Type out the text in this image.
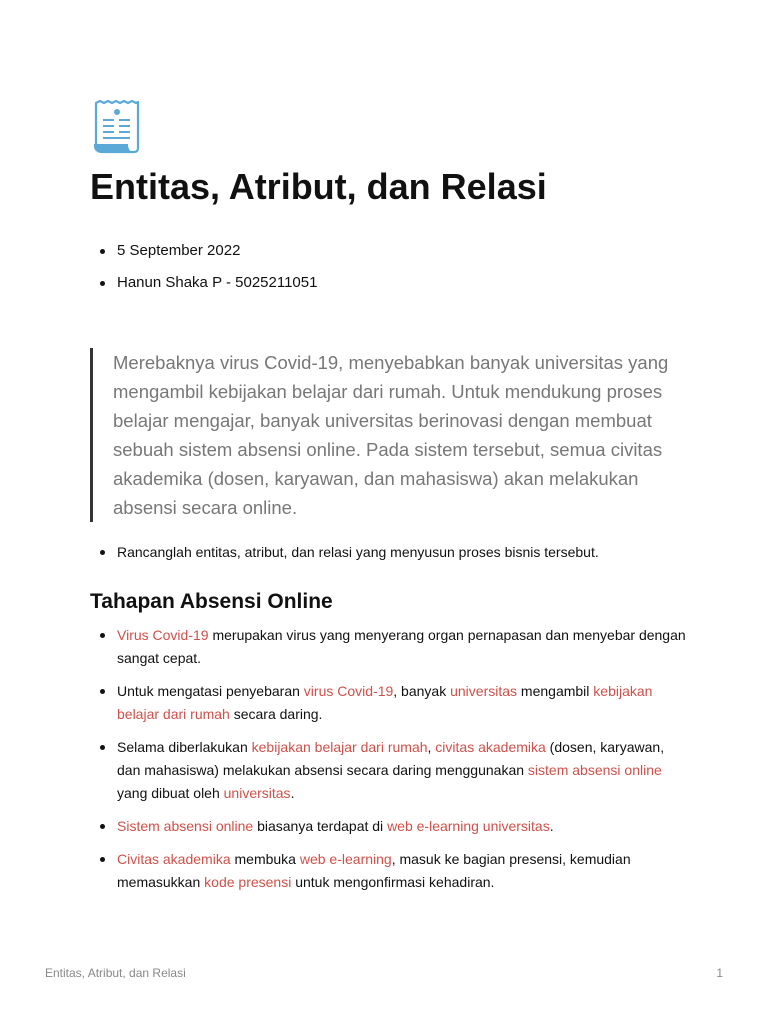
Entitas, Atribut, dan Relasi
5 September 2022
Hanun Shaka P - 5025211051

Merebaknya virus Covid-19, menyebabkan banyak universitas yang mengambil kebijakan belajar dari rumah. Untuk mendukung proses belajar mengajar, banyak universitas berinovasi dengan membuat sebuah sistem absensi online. Pada sistem tersebut, semua civitas akademika (dosen, karyawan, dan mahasiswa) akan melakukan absensi secara online.

Rancanglah entitas, atribut, dan relasi yang menyusun proses bisnis tersebut.
Tahapan Absensi Online
Virus Covid-19 merupakan virus yang menyerang organ pernapasan dan menyebar dengan sangat cepat.
Untuk mengatasi penyebaran virus Covid-19, banyak universitas mengambil kebijakan belajar dari rumah secara daring.
Selama diberlakukan kebijakan belajar dari rumah, civitas akademika (dosen, karyawan, dan mahasiswa) melakukan absensi secara daring menggunakan sistem absensi online yang dibuat oleh universitas.
Sistem absensi online biasanya terdapat di web e-learning universitas.
Civitas akademika membuka web e-learning, masuk ke bagian presensi, kemudian memasukkan kode presensi untuk mengonfirmasi kehadiran.
Entitas, Atribut, dan Relasi	1
